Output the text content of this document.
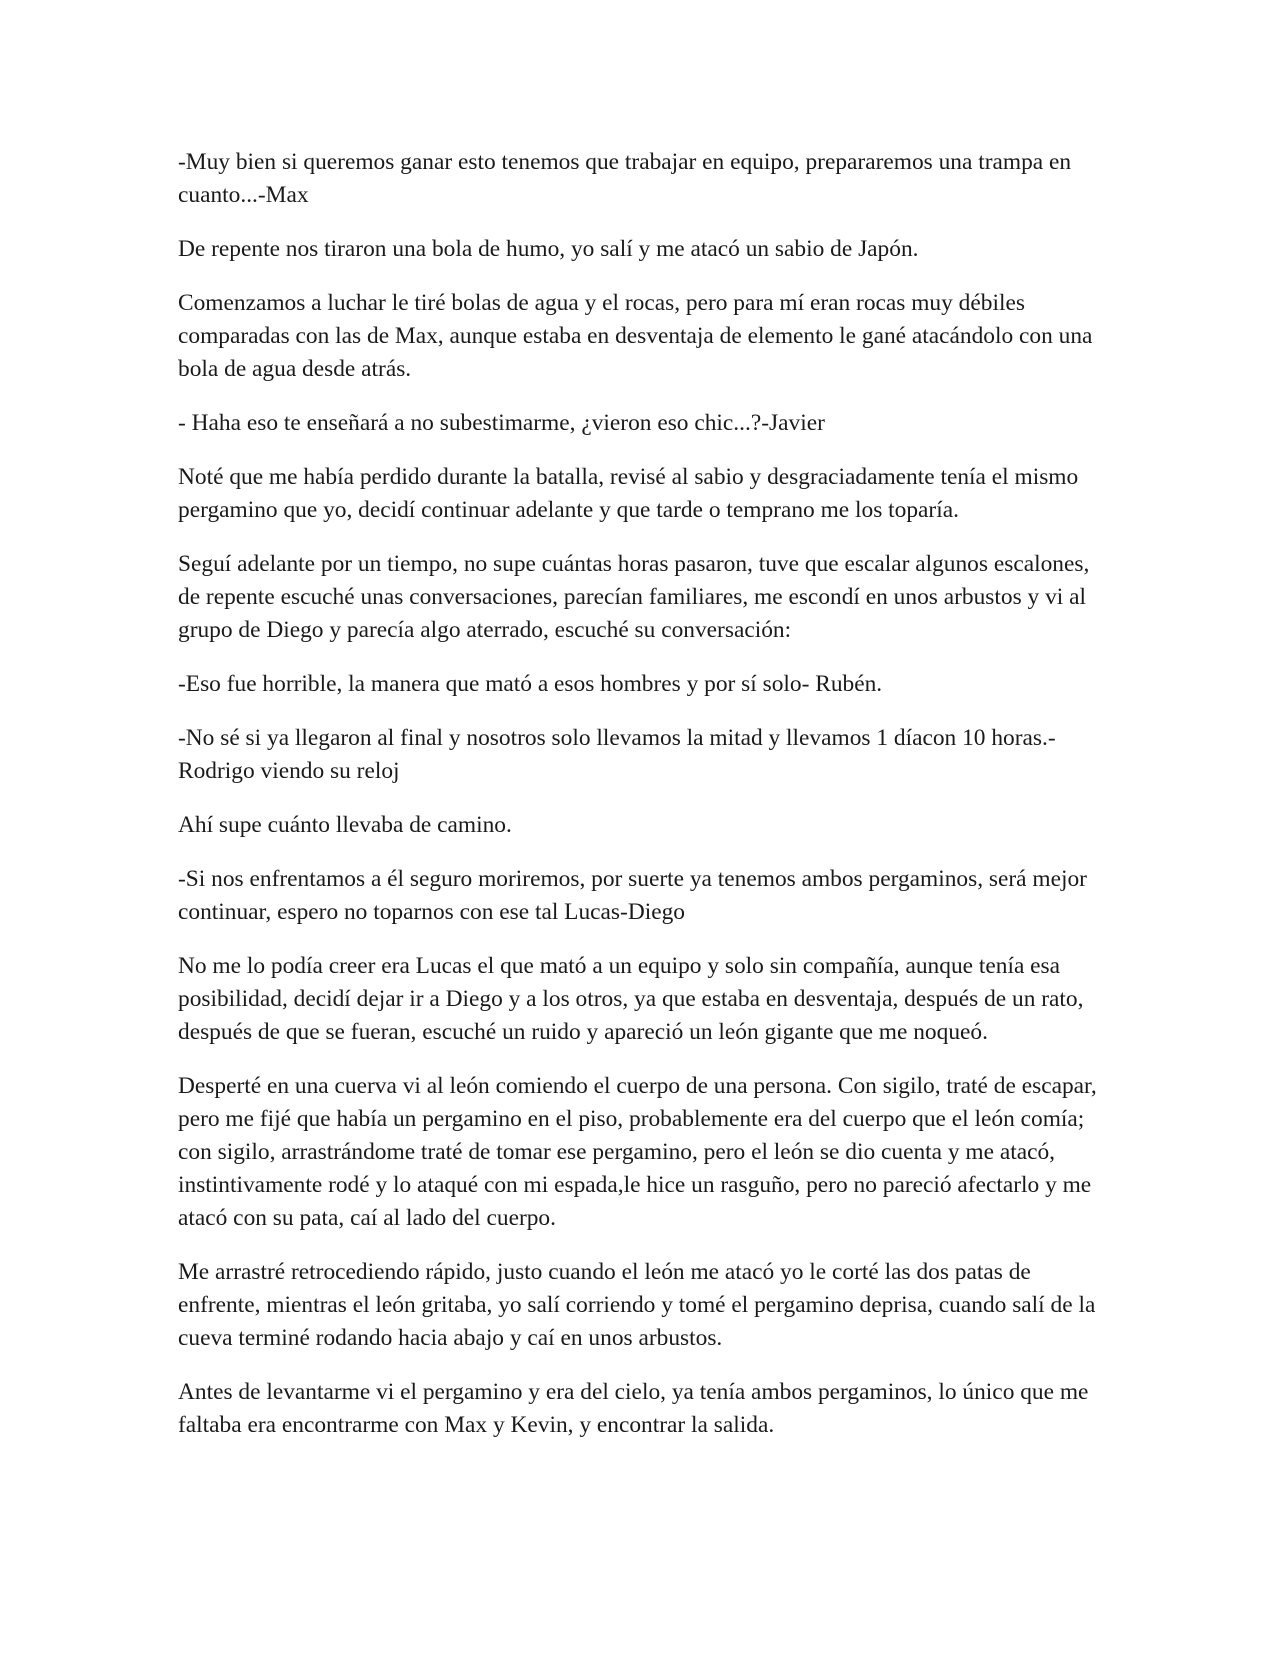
-Muy bien si queremos ganar esto tenemos que trabajar en equipo, prepararemos una trampa en cuanto...-Max

De repente nos tiraron una bola de humo, yo salí y me atacó un sabio de Japón.

Comenzamos a luchar le tiré bolas de agua y el rocas, pero para mí eran rocas muy débiles comparadas con las de Max, aunque estaba en desventaja de elemento le gané atacándolo con una bola de agua desde atrás.

- Haha eso te enseñará a no subestimarme, ¿vieron eso chic...?-Javier

Noté que me había perdido durante la batalla, revisé al sabio y desgraciadamente tenía el mismo pergamino que yo, decidí continuar adelante y que tarde o temprano me los toparía.

Seguí adelante por un tiempo, no supe cuántas horas pasaron, tuve que escalar algunos escalones, de repente escuché unas conversaciones, parecían familiares, me escondí en unos arbustos y vi al grupo de Diego y parecía algo aterrado, escuché su conversación:

-Eso fue horrible, la manera que mató a esos hombres y por sí solo- Rubén.

-No sé si ya llegaron al final y nosotros solo llevamos la mitad y llevamos 1 díacon 10 horas.-Rodrigo viendo su reloj

Ahí supe cuánto llevaba de camino.

-Si nos enfrentamos a él seguro moriremos, por suerte ya tenemos ambos pergaminos, será mejor continuar, espero no toparnos con ese tal Lucas-Diego

No me lo podía creer era Lucas el que mató a un equipo y solo sin compañía, aunque tenía esa posibilidad, decidí dejar ir a Diego y a los otros, ya que estaba en desventaja, después de un rato, después de que se fueran, escuché un ruido y apareció un león gigante que me noqueó.

Desperté en una cuerva vi al león comiendo el cuerpo de una persona. Con sigilo, traté de escapar, pero me fijé que había un pergamino en el piso, probablemente era del cuerpo que el león comía; con sigilo, arrastrándome traté de tomar ese pergamino, pero el león se dio cuenta y me atacó, instintivamente rodé y lo ataqué con mi espada,le hice un rasguño, pero no pareció afectarlo y me atacó con su pata, caí al lado del cuerpo.

Me arrastré retrocediendo rápido, justo cuando el león me atacó yo le corté las dos patas de enfrente, mientras el león gritaba, yo salí corriendo y tomé el pergamino deprisa, cuando salí de la cueva terminé rodando hacia abajo y caí en unos arbustos.

Antes de levantarme vi el pergamino y era del cielo, ya tenía ambos pergaminos, lo único que me faltaba era encontrarme con Max y Kevin, y encontrar la salida.
